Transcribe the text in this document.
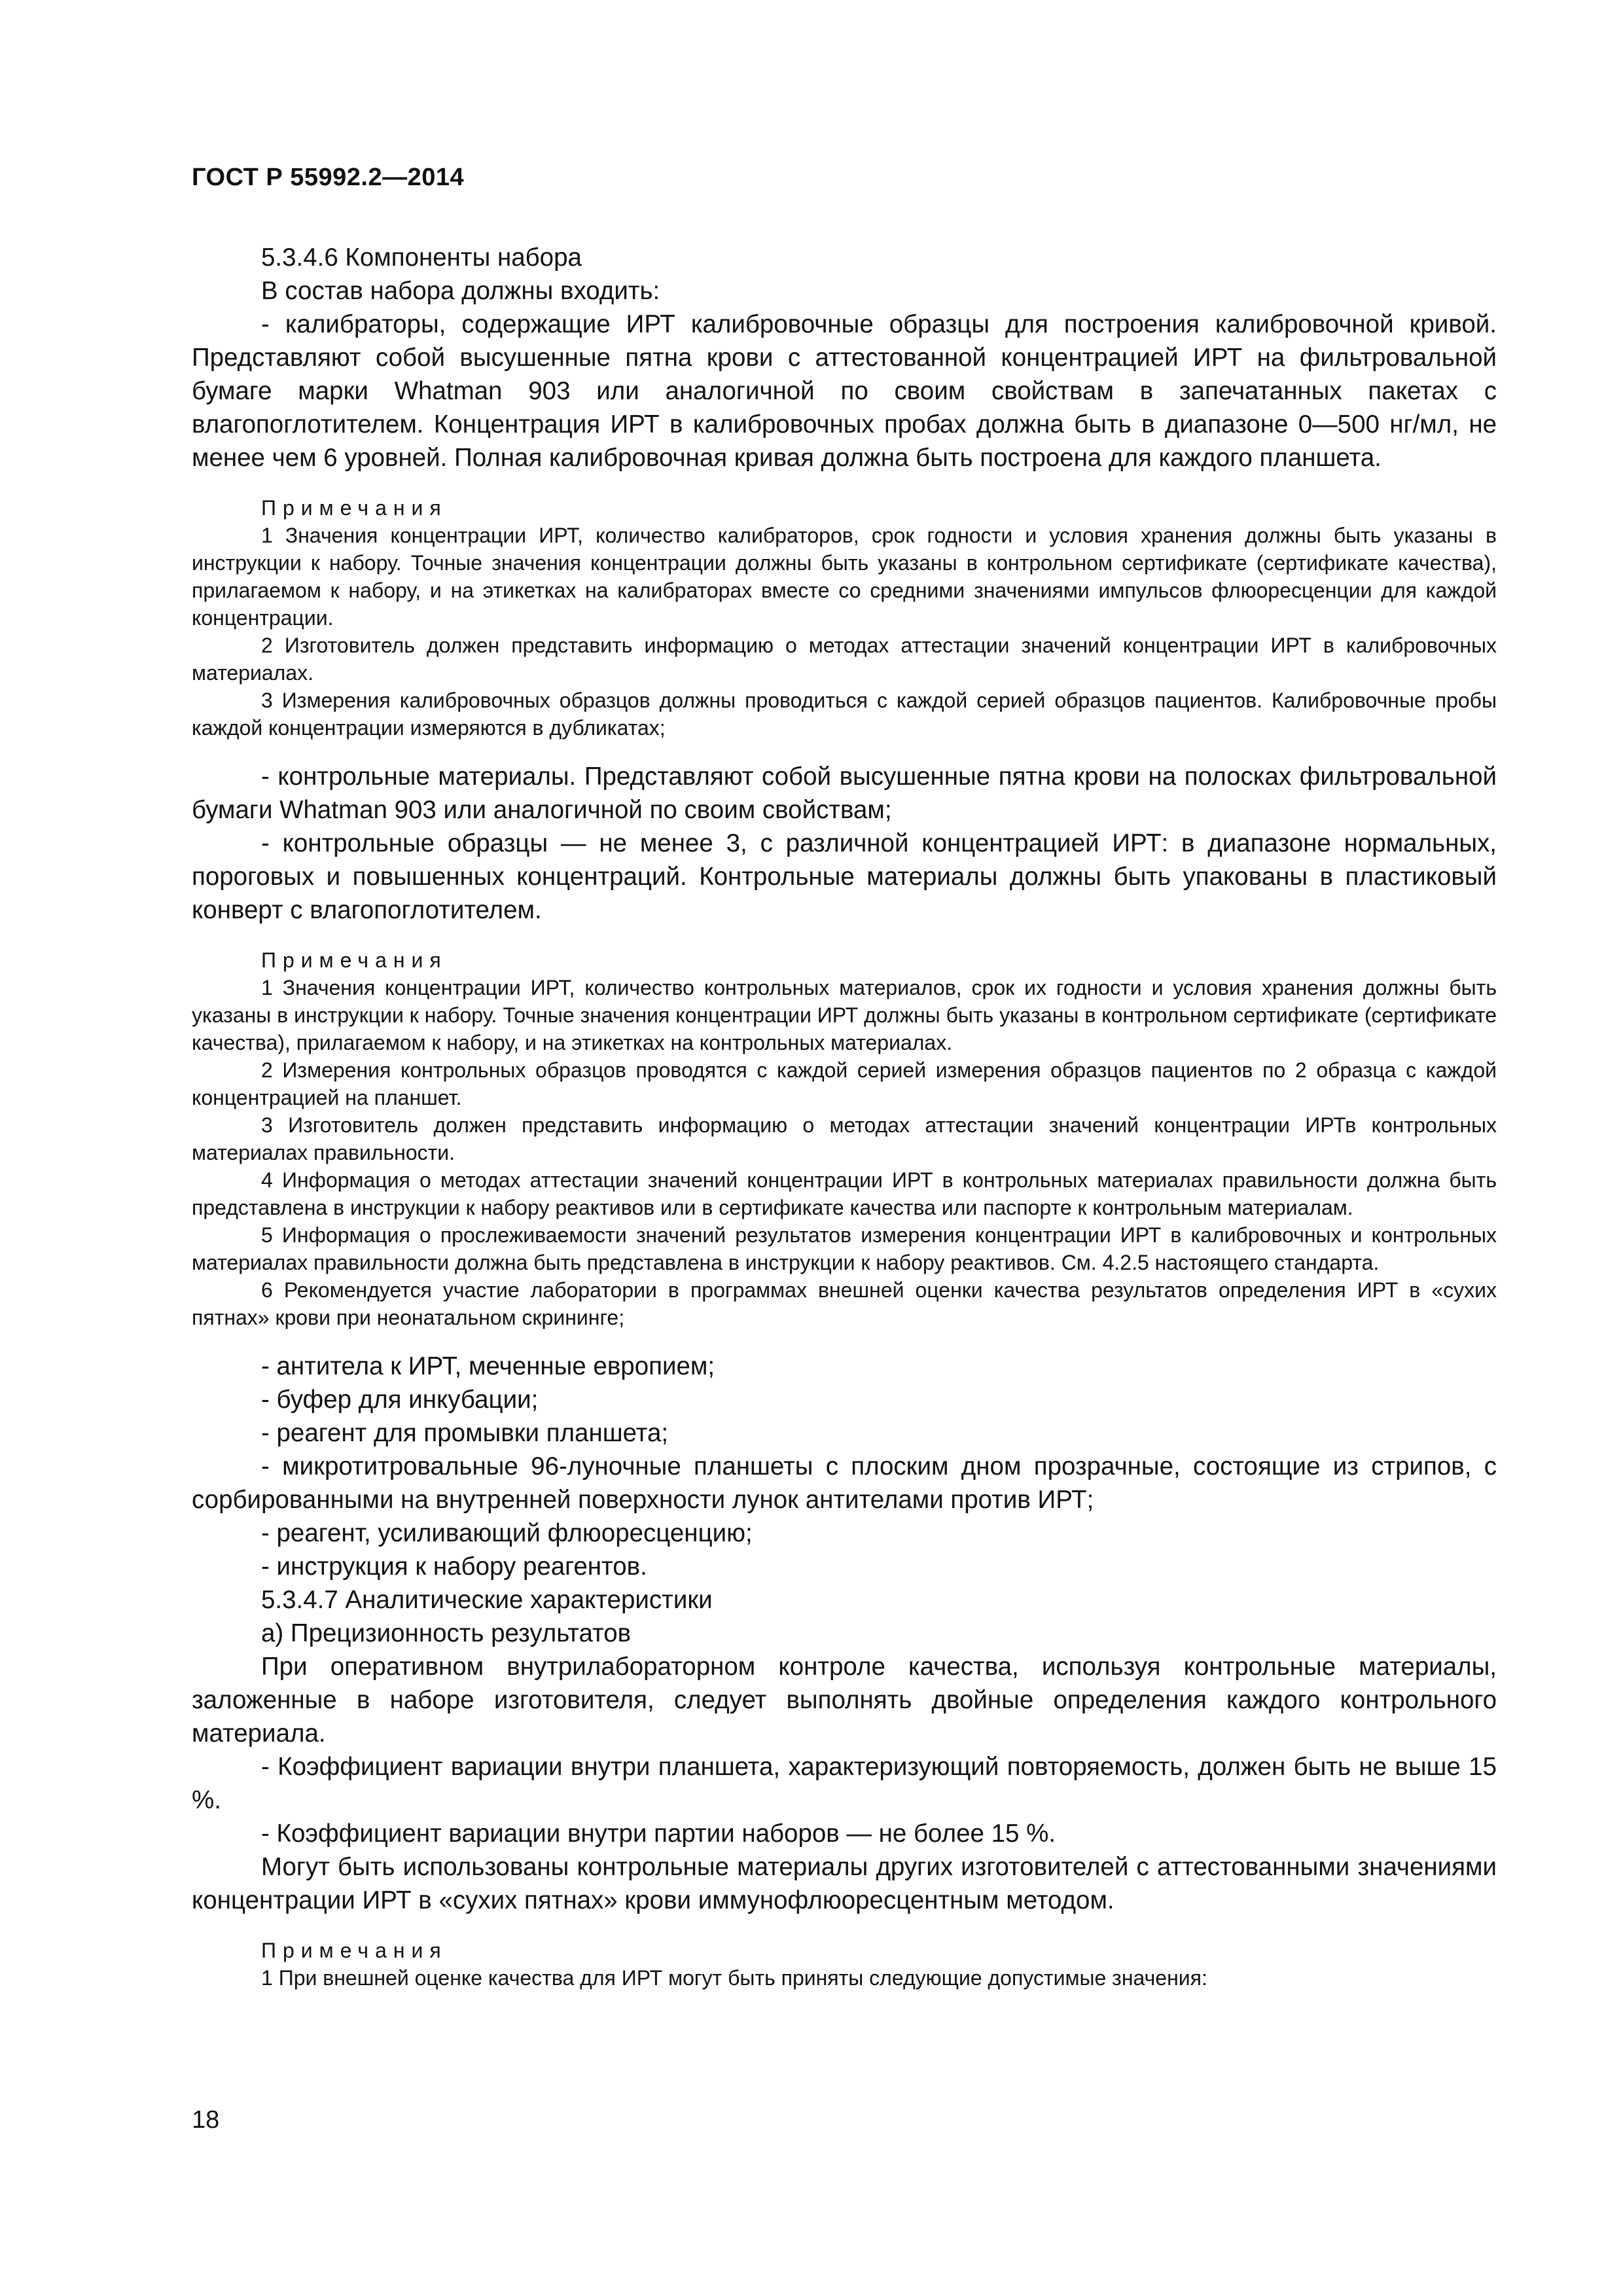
ГОСТ Р 55992.2—2014

5.3.4.6 Компоненты набора

В состав набора должны входить:

- калибраторы, содержащие ИРТ калибровочные образцы для построения калибровочной кривой. Представляют собой высушенные пятна крови с аттестованной концентрацией ИРТ на фильтровальной бумаге марки Whatman 903 или аналогичной по своим свойствам в запечатанных пакетах с влагопоглотителем. Концентрация ИРТ в калибровочных пробах должна быть в диапазоне 0—500 нг/мл, не менее чем 6 уровней. Полная калибровочная кривая должна быть построена для каждого планшета.

Примечания

1 Значения концентрации ИРТ, количество калибраторов, срок годности и условия хранения должны быть указаны в инструкции к набору. Точные значения концентрации должны быть указаны в контрольном сертификате (сертификате качества), прилагаемом к набору, и на этикетках на калибраторах вместе со средними значениями импульсов флюоресценции для каждой концентрации.

2 Изготовитель должен представить информацию о методах аттестации значений концентрации ИРТ в калибровочных материалах.

3 Измерения калибровочных образцов должны проводиться с каждой серией образцов пациентов. Калибровочные пробы каждой концентрации измеряются в дубликатах;

- контрольные материалы. Представляют собой высушенные пятна крови на полосках фильтровальной бумаги Whatman 903 или аналогичной по своим свойствам;

- контрольные образцы — не менее 3, с различной концентрацией ИРТ: в диапазоне нормальных, пороговых и повышенных концентраций. Контрольные материалы должны быть упакованы в пластиковый конверт с влагопоглотителем.

Примечания

1 Значения концентрации ИРТ, количество контрольных материалов, срок их годности и условия хранения должны быть указаны в инструкции к набору. Точные значения концентрации ИРТ должны быть указаны в контрольном сертификате (сертификате качества), прилагаемом к набору, и на этикетках на контрольных материалах.

2 Измерения контрольных образцов проводятся с каждой серией измерения образцов пациентов по 2 образца с каждой концентрацией на планшет.

3 Изготовитель должен представить информацию о методах аттестации значений концентрации ИРТв контрольных материалах правильности.

4 Информация о методах аттестации значений концентрации ИРТ в контрольных материалах правильности должна быть представлена в инструкции к набору реактивов или в сертификате качества или паспорте к контрольным материалам.

5 Информация о прослеживаемости значений результатов измерения концентрации ИРТ в калибровочных и контрольных материалах правильности должна быть представлена в инструкции к набору реактивов. См. 4.2.5 настоящего стандарта.

6 Рекомендуется участие лаборатории в программах внешней оценки качества результатов определения ИРТ в «сухих пятнах» крови при неонатальном скрининге;

- антитела к ИРТ, меченные европием;

- буфер для инкубации;

- реагент для промывки планшета;

- микротитровальные 96-луночные планшеты с плоским дном прозрачные, состоящие из стрипов, с сорбированными на внутренней поверхности лунок антителами против ИРТ;

- реагент, усиливающий флюоресценцию;

- инструкция к набору реагентов.

5.3.4.7 Аналитические характеристики

а) Прецизионность результатов

При оперативном внутрилабораторном контроле качества, используя контрольные материалы, заложенные в наборе изготовителя, следует выполнять двойные определения каждого контрольного материала.

- Коэффициент вариации внутри планшета, характеризующий повторяемость, должен быть не выше 15 %.

- Коэффициент вариации внутри партии наборов — не более 15 %.

Могут быть использованы контрольные материалы других изготовителей с аттестованными значениями концентрации ИРТ в «сухих пятнах» крови иммунофлюоресцентным методом.

Примечания

1 При внешней оценке качества для ИРТ могут быть приняты следующие допустимые значения:

18
